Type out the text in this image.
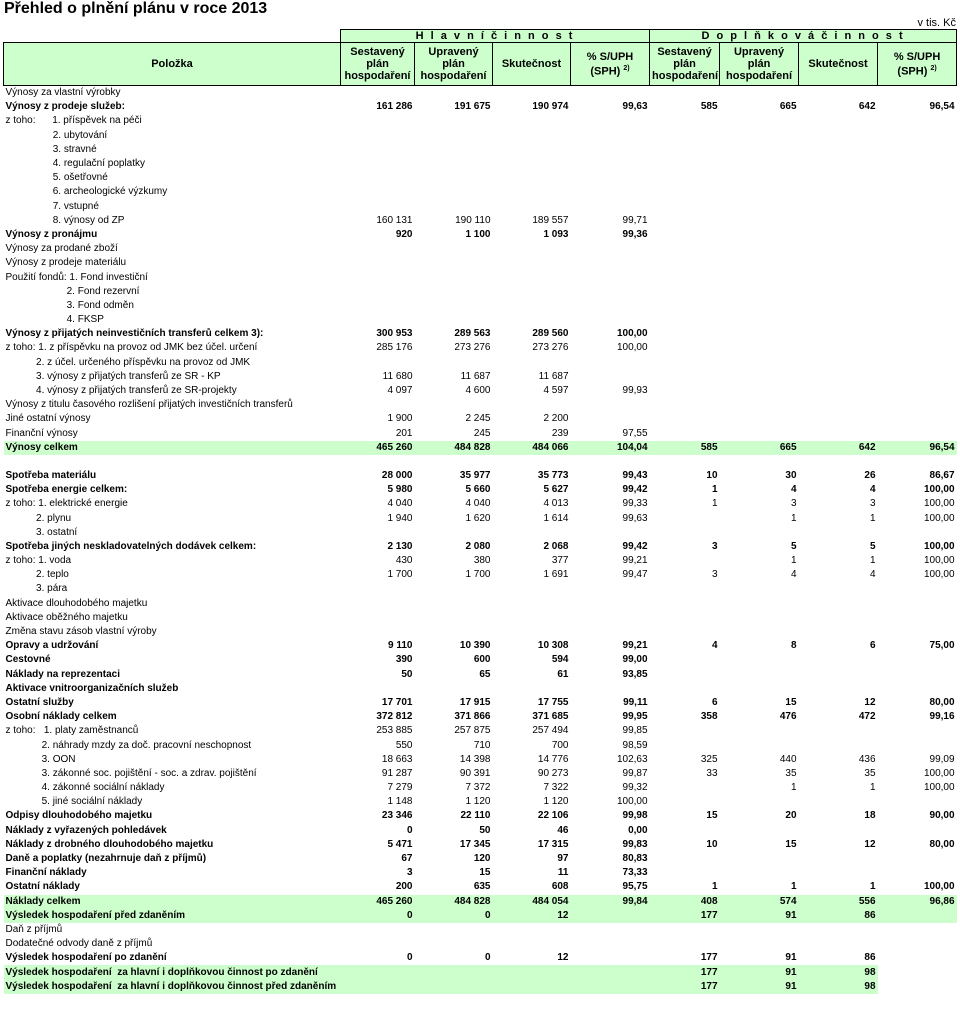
Přehled o plnění plánu v roce 2013
v tis. Kč
	H l a v n í č i n n o s t				D o p l ň k o v á č i n n o s t			
Položka	Sestavený
plán
hospodaření	Upravený
plán
hospodaření	Skutečnost	% S/UPH
(SPH) $^{2)}$	Sestavený
plán
hospodaření	Upravený
plán
hospodaření	Skutečnost	% S/UPH
(SPH) $^{2)}$
Výnosy za vlastní výrobky								
Výnosy z prodeje služeb:	161 286	191 675	190 974	99,63	585	665	642	96,54
z toho:      1. příspěvek na péči								
2. ubytování								
3. stravné								
4. regulační poplatky								
5. ošetřovné								
6. archeologické výzkumy								
7. vstupné								
8. výnosy od ZP	160 131	190 110	189 557	99,71				
Výnosy z pronájmu	920	1 100	1 093	99,36				
Výnosy za prodané zboží								
Výnosy z prodeje materiálu								
Použití fondů: 1. Fond investiční								
2. Fond rezervní								
3. Fond odměn								
4. FKSP								
Výnosy z přijatých neinvestičních transferů celkem 3):	300 953	289 563	289 560	100,00				
z toho: 1. z příspěvku na provoz od JMK bez účel. určení	285 176	273 276	273 276	100,00				
2. z účel. určeného příspěvku na provoz od JMK								
3. výnosy z přijatých transferů ze SR - KP	11 680	11 687	11 687					
4. výnosy z přijatých transferů ze SR-projekty	4 097	4 600	4 597	99,93				
Výnosy z titulu časového rozlišení přijatých investičních transferů								
Jiné ostatní výnosy	1 900	2 245	2 200					
Finanční výnosy	201	245	239	97,55				
Výnosy celkem	465 260	484 828	484 066	104,04	585	665	642	96,54

Spotřeba materiálu	28 000	35 977	35 773	99,43	10	30	26	86,67
Spotřeba energie celkem:	5 980	5 660	5 627	99,42	1	4	4	100,00
z toho: 1. elektrické energie	4 040	4 040	4 013	99,33	1	3	3	100,00
2. plynu	1 940	1 620	1 614	99,63		1	1	100,00
3. ostatní								
Spotřeba jiných neskladovatelných dodávek celkem:	2 130	2 080	2 068	99,42	3	5	5	100,00
z toho: 1. voda	430	380	377	99,21		1	1	100,00
2. teplo	1 700	1 700	1 691	99,47	3	4	4	100,00
3. pára								
Aktivace dlouhodobého majetku								
Aktivace oběžného majetku								
Změna stavu zásob vlastní výroby								
Opravy a udržování	9 110	10 390	10 308	99,21	4	8	6	75,00
Cestovné	390	600	594	99,00				
Náklady na reprezentaci	50	65	61	93,85				
Aktivace vnitroorganizačních služeb								
Ostatní služby	17 701	17 915	17 755	99,11	6	15	12	80,00
Osobní náklady celkem	372 812	371 866	371 685	99,95	358	476	472	99,16
z toho:   1. platy zaměstnanců	253 885	257 875	257 494	99,85				
2. náhrady mzdy za doč. pracovní neschopnost	550	710	700	98,59				
3. OON	18 663	14 398	14 776	102,63	325	440	436	99,09
3. zákonné soc. pojištění - soc. a zdrav. pojištění	91 287	90 391	90 273	99,87	33	35	35	100,00
4. zákonné sociální náklady	7 279	7 372	7 322	99,32		1	1	100,00
5. jiné sociální náklady	1 148	1 120	1 120	100,00				
Odpisy dlouhodobého majetku	23 346	22 110	22 106	99,98	15	20	18	90,00
Náklady z vyřazených pohledávek	0	50	46	0,00				
Náklady z drobného dlouhodobého majetku	5 471	17 345	17 315	99,83	10	15	12	80,00
Daně a poplatky (nezahrnuje daň z příjmů)	67	120	97	80,83				
Finanční náklady	3	15	11	73,33				
Ostatní náklady	200	635	608	95,75	1	1	1	100,00
Náklady celkem	465 260	484 828	484 054	99,84	408	574	556	96,86
Výsledek hospodaření před zdaněním	0	0	12		177	91	86	
Daň z příjmů								
Dodatečné odvody daně z příjmů								
Výsledek hospodaření po zdanění	0	0	12		177	91	86	
Výsledek hospodaření  za hlavní i doplňkovou činnost po zdanění					177	91	98	
Výsledek hospodaření  za hlavní i doplňkovou činnost před zdaněním					177	91	98	
